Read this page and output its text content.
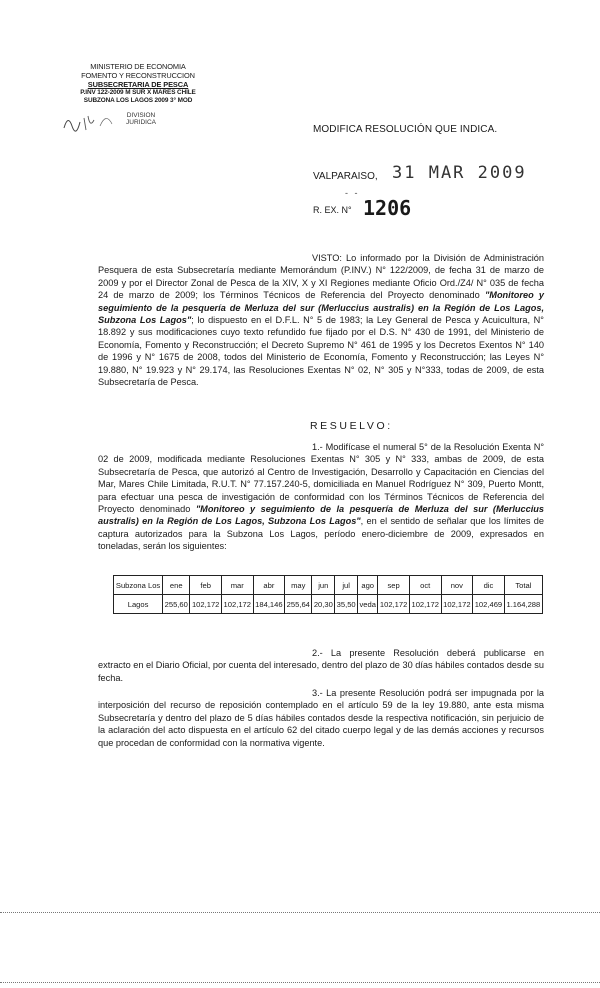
MINISTERIO DE ECONOMIA
FOMENTO Y RECONSTRUCCION
SUBSECRETARIA DE PESCA
P.INV 122-2009 M SUR X MARES CHILE
SUBZONA LOS LAGOS 2009 3° MOD
DIVISION
JURIDICA
MODIFICA RESOLUCIÓN QUE INDICA.
VALPARAISO, 31 MAR 2009
- -
R. EX. N° 1206
VISTO: Lo informado por la División de Administración Pesquera de esta Subsecretaría mediante Memorándum (P.INV.) N° 122/2009, de fecha 31 de marzo de 2009 y por el Director Zonal de Pesca de la XIV, X y XI Regiones mediante Oficio Ord./Z4/ N° 035 de fecha 24 de marzo de 2009; los Términos Técnicos de Referencia del Proyecto denominado "Monitoreo y seguimiento de la pesquería de Merluza del sur (Merluccius australis) en la Región de Los Lagos, Subzona Los Lagos"; lo dispuesto en el D.F.L. N° 5 de 1983; la Ley General de Pesca y Acuicultura, N° 18.892 y sus modificaciones cuyo texto refundido fue fijado por el D.S. N° 430 de 1991, del Ministerio de Economía, Fomento y Reconstrucción; el Decreto Supremo N° 461 de 1995 y los Decretos Exentos N° 140 de 1996 y N° 1675 de 2008, todos del Ministerio de Economía, Fomento y Reconstrucción; las Leyes N° 19.880, N° 19.923 y N° 29.174, las Resoluciones Exentas N° 02, N° 305 y N°333, todas de 2009, de esta Subsecretaría de Pesca.
RESUELVO:
1.- Modifícase el numeral 5° de la Resolución Exenta N° 02 de 2009, modificada mediante Resoluciones Exentas N° 305 y N° 333, ambas de 2009, de esta Subsecretaría de Pesca, que autorizó al Centro de Investigación, Desarrollo y Capacitación en Ciencias del Mar, Mares Chile Limitada, R.U.T. N° 77.157.240-5, domiciliada en Manuel Rodríguez N° 309, Puerto Montt, para efectuar una pesca de investigación de conformidad con los Términos Técnicos de Referencia del Proyecto denominado "Monitoreo y seguimiento de la pesquería de Merluza del sur (Merluccius australis) en la Región de Los Lagos, Subzona Los Lagos", en el sentido de señalar que los límites de captura autorizados para la Subzona Los Lagos, período enero-diciembre de 2009, expresados en toneladas, serán los siguientes:
Subzona Los	ene	feb	mar	abr	may	jun	jul	ago	sep	oct	nov	dic	Total
Lagos	255,60	102,172	102,172	184,146	255,64	20,30	35,50	veda	102,172	102,172	102,172	102,469	1.164,288
2.- La presente Resolución deberá publicarse en extracto en el Diario Oficial, por cuenta del interesado, dentro del plazo de 30 días hábiles contados desde su fecha.
3.- La presente Resolución podrá ser impugnada por la interposición del recurso de reposición contemplado en el artículo 59 de la ley 19.880, ante esta misma Subsecretaría y dentro del plazo de 5 días hábiles contados desde la respectiva notificación, sin perjuicio de la aclaración del acto dispuesta en el artículo 62 del citado cuerpo legal y de las demás acciones y recursos que procedan de conformidad con la normativa vigente.
